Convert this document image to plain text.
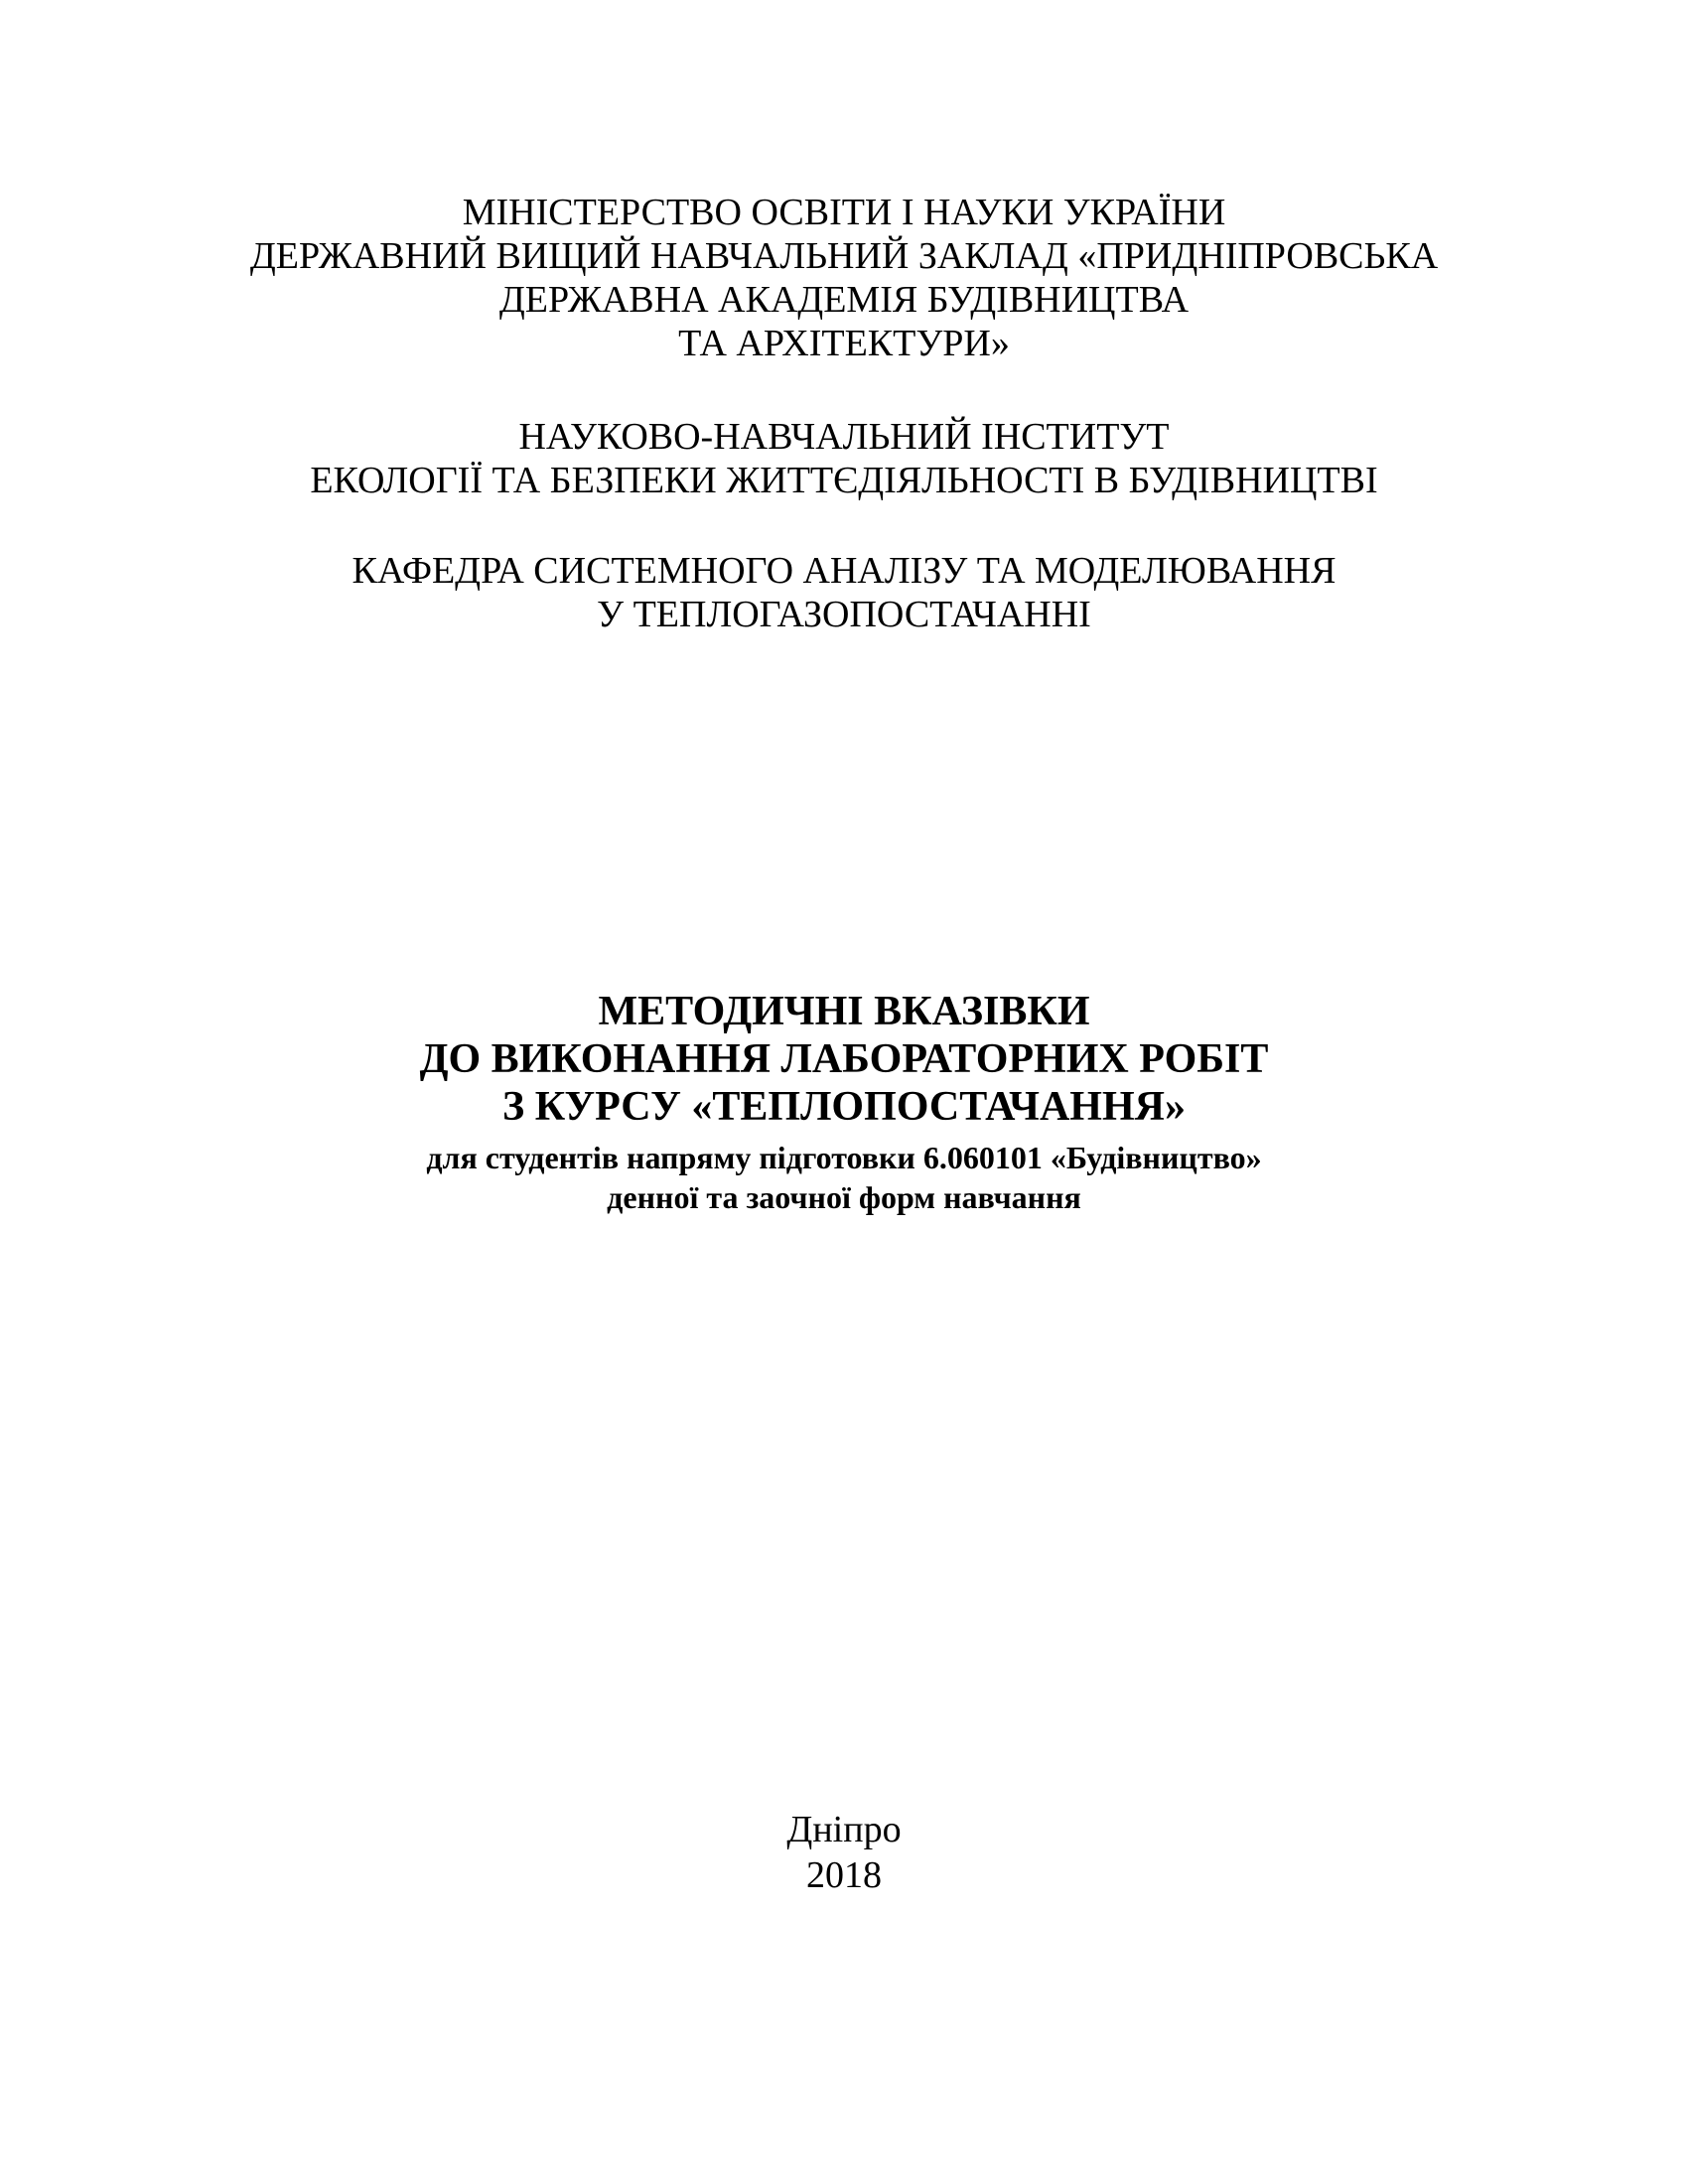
МІНІСТЕРСТВО ОСВІТИ І НАУКИ УКРАЇНИ
ДЕРЖАВНИЙ ВИЩИЙ НАВЧАЛЬНИЙ ЗАКЛАД «ПРИДНІПРОВСЬКА
ДЕРЖАВНА АКАДЕМІЯ БУДІВНИЦТВА
ТА АРХІТЕКТУРИ»
НАУКОВО-НАВЧАЛЬНИЙ ІНСТИТУТ
ЕКОЛОГІЇ ТА БЕЗПЕКИ ЖИТТЄДІЯЛЬНОСТІ В БУДІВНИЦТВІ
КАФЕДРА СИСТЕМНОГО АНАЛІЗУ ТА МОДЕЛЮВАННЯ
У ТЕПЛОГАЗОПОСТАЧАННІ
МЕТОДИЧНІ ВКАЗІВКИ
ДО ВИКОНАННЯ ЛАБОРАТОРНИХ РОБІТ
З КУРСУ «ТЕПЛОПОСТАЧАННЯ»
для студентів напряму підготовки 6.060101 «Будівництво»
денної та заочної форм навчання
Дніпро
2018
